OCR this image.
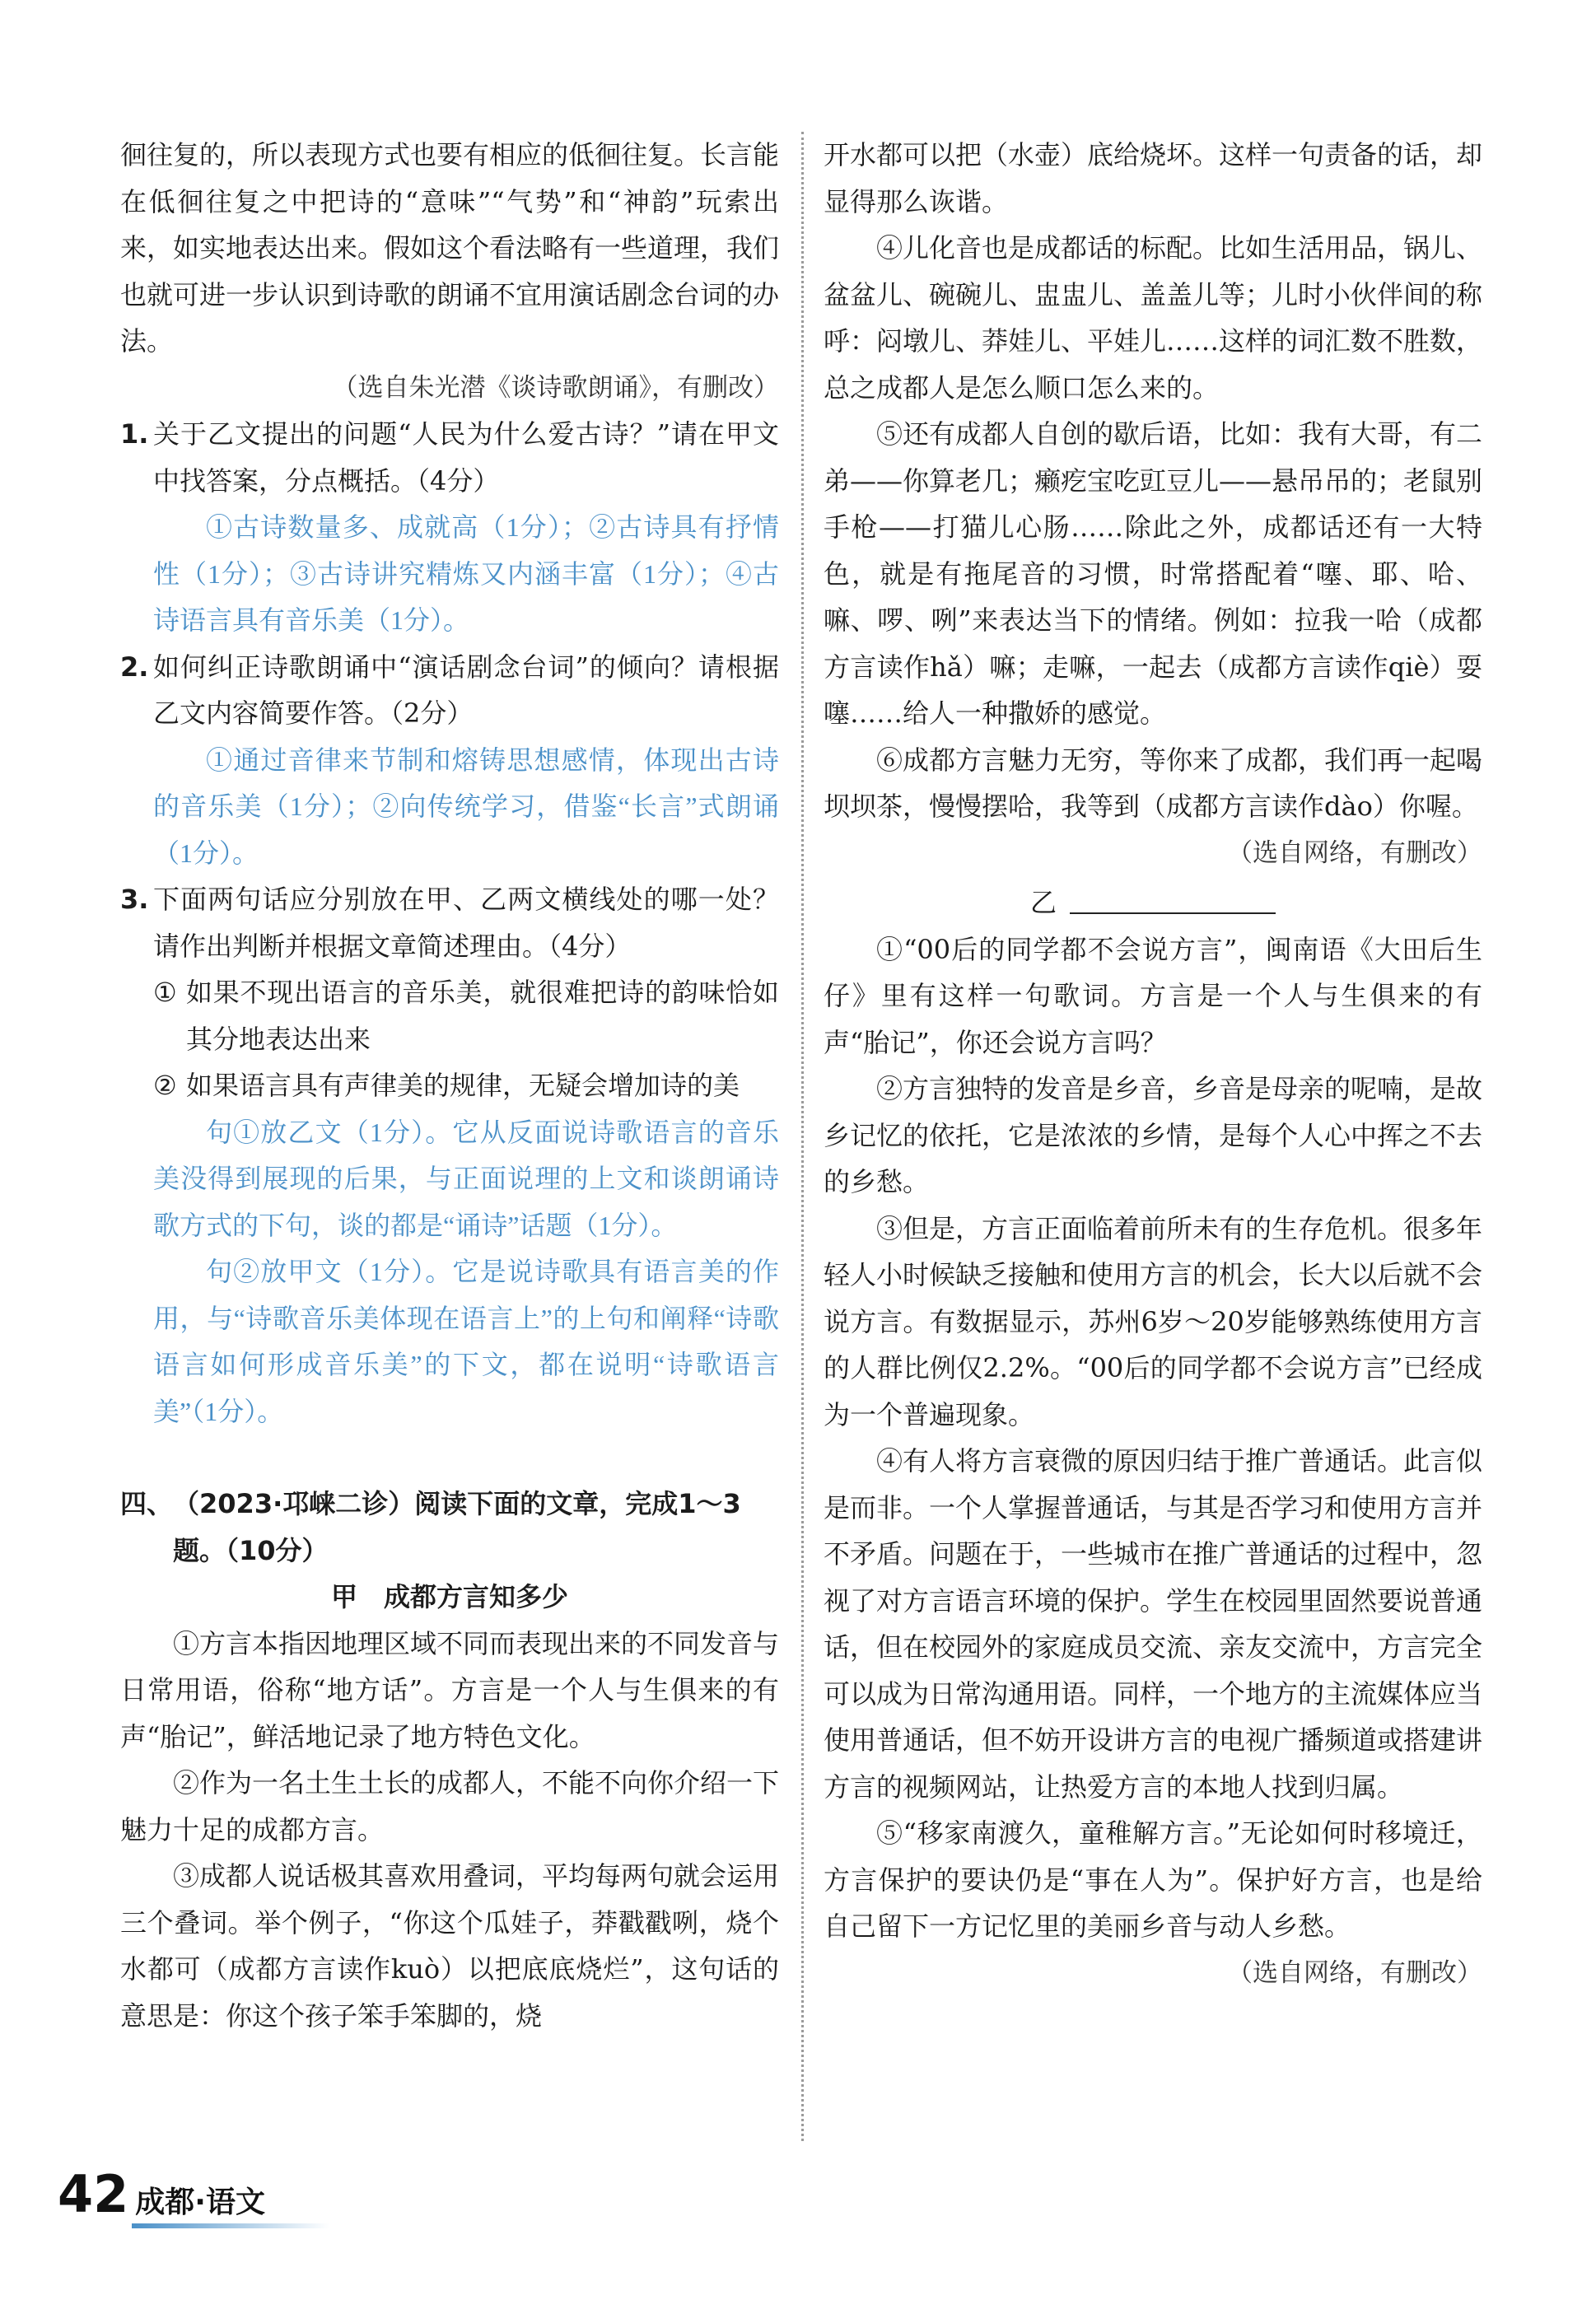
徊往复的，所以表现方式也要有相应的低徊往复。长言能在低徊往复之中把诗的“意味”“气势”和“神韵”玩索出来，如实地表达出来。假如这个看法略有一些道理，我们也就可进一步认识到诗歌的朗诵不宜用演话剧念台词的办法。

（选自朱光潜《谈诗歌朗诵》，有删改）

1. 关于乙文提出的问题“人民为什么爱古诗？”请在甲文中找答案，分点概括。（4分）
①古诗数量多、成就高（1分）；②古诗具有抒情性（1分）；③古诗讲究精炼又内涵丰富（1分）；④古诗语言具有音乐美（1分）。
2. 如何纠正诗歌朗诵中“演话剧念台词”的倾向？请根据乙文内容简要作答。（2分）
①通过音律来节制和熔铸思想感情，体现出古诗的音乐美（1分）；②向传统学习，借鉴“长言”式朗诵（1分）。
3. 下面两句话应分别放在甲、乙两文横线处的哪一处？请作出判断并根据文章简述理由。（4分）
① 如果不现出语言的音乐美，就很难把诗的韵味恰如其分地表达出来
② 如果语言具有声律美的规律，无疑会增加诗的美

句①放乙文（1分）。它从反面说诗歌语言的音乐美没得到展现的后果，与正面说理的上文和谈朗诵诗歌方式的下句，谈的都是“诵诗”话题（1分）。

句②放甲文（1分）。它是说诗歌具有语言美的作用，与“诗歌音乐美体现在语言上”的上句和阐释“诗歌语言如何形成音乐美”的下文，都在说明“诗歌语言美”（1分）。

四、 （2023·邛崃二诊）阅读下面的文章，完成1～3题。（10分）
甲　成都方言知多少

①方言本指因地理区域不同而表现出来的不同发音与日常用语，俗称“地方话”。方言是一个人与生俱来的有声“胎记”，鲜活地记录了地方特色文化。

②作为一名土生土长的成都人，不能不向你介绍一下魅力十足的成都方言。

③成都人说话极其喜欢用叠词，平均每两句就会运用三个叠词。举个例子，“你这个瓜娃子，莽戳戳咧，烧个水都可（成都方言读作kuò）以把底底烧烂”，这句话的意思是：你这个孩子笨手笨脚的，烧

开水都可以把（水壶）底给烧坏。这样一句责备的话，却显得那么诙谐。

④儿化音也是成都话的标配。比如生活用品，锅儿、盆盆儿、碗碗儿、盅盅儿、盖盖儿等；儿时小伙伴间的称呼：闷墩儿、莽娃儿、平娃儿……这样的词汇数不胜数，总之成都人是怎么顺口怎么来的。

⑤还有成都人自创的歇后语，比如：我有大哥，有二弟——你算老几；癞疙宝吃豇豆儿——悬吊吊的；老鼠别手枪——打猫儿心肠……除此之外，成都话还有一大特色，就是有拖尾音的习惯，时常搭配着“噻、耶、哈、嘛、啰、咧”来表达当下的情绪。例如：拉我一哈（成都方言读作hǎ）嘛；走嘛，一起去（成都方言读作qiè）耍噻……给人一种撒娇的感觉。

⑥成都方言魅力无穷，等你来了成都，我们再一起喝坝坝茶，慢慢摆哈，我等到（成都方言读作dào）你喔。

（选自网络，有删改）

乙

①“00后的同学都不会说方言”，闽南语《大田后生仔》里有这样一句歌词。方言是一个人与生俱来的有声“胎记”，你还会说方言吗？

②方言独特的发音是乡音，乡音是母亲的呢喃，是故乡记忆的依托，它是浓浓的乡情，是每个人心中挥之不去的乡愁。

③但是，方言正面临着前所未有的生存危机。很多年轻人小时候缺乏接触和使用方言的机会，长大以后就不会说方言。有数据显示，苏州6岁～20岁能够熟练使用方言的人群比例仅2.2%。“00后的同学都不会说方言”已经成为一个普遍现象。

④有人将方言衰微的原因归结于推广普通话。此言似是而非。一个人掌握普通话，与其是否学习和使用方言并不矛盾。问题在于，一些城市在推广普通话的过程中，忽视了对方言语言环境的保护。学生在校园里固然要说普通话，但在校园外的家庭成员交流、亲友交流中，方言完全可以成为日常沟通用语。同样，一个地方的主流媒体应当使用普通话，但不妨开设讲方言的电视广播频道或搭建讲方言的视频网站，让热爱方言的本地人找到归属。

⑤“移家南渡久，童稚解方言。”无论如何时移境迁，方言保护的要诀仍是“事在人为”。保护好方言，也是给自己留下一方记忆里的美丽乡音与动人乡愁。

（选自网络，有删改）

42 成都·语文
